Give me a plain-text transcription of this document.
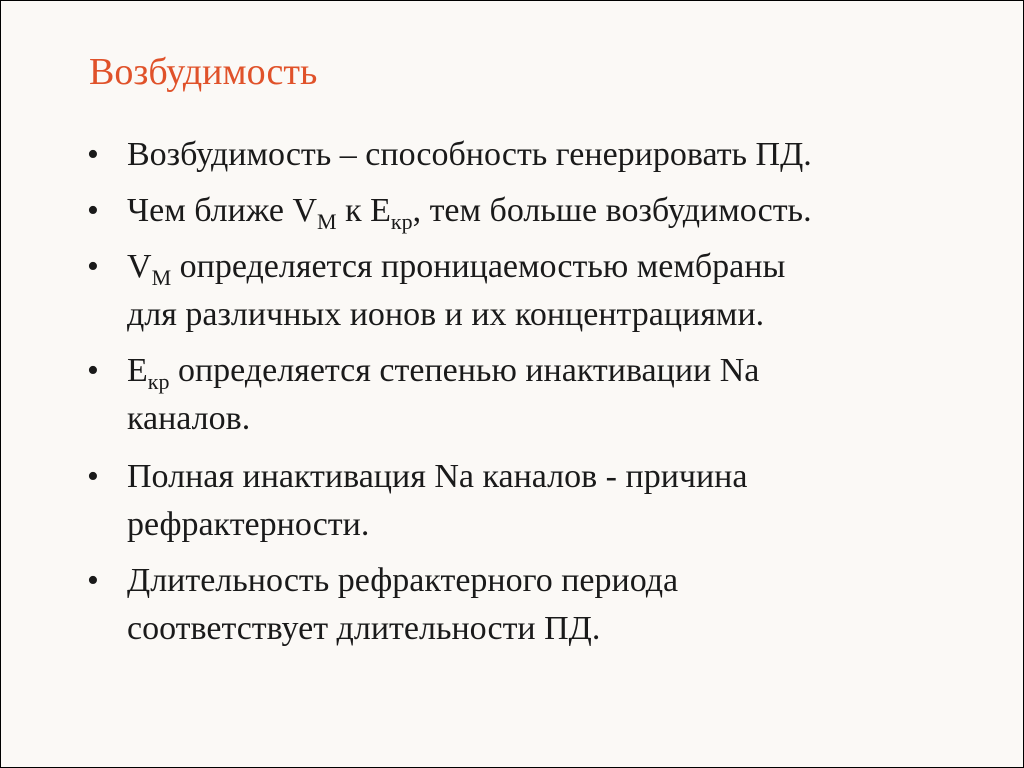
Возбудимость
• Возбудимость – способность генерировать ПД.
• Чем ближе $V_M$ к $E_{кр}$, тем больше возбудимость.
• $V_M$ определяется проницаемостью мембраны
для различных ионов и их концентрациями.
• $E_{кр}$ определяется степенью инактивации Na
каналов.
• Полная инактивация Na каналов - причина
рефрактерности.
• Длительность рефрактерного периода
соответствует длительности ПД.
